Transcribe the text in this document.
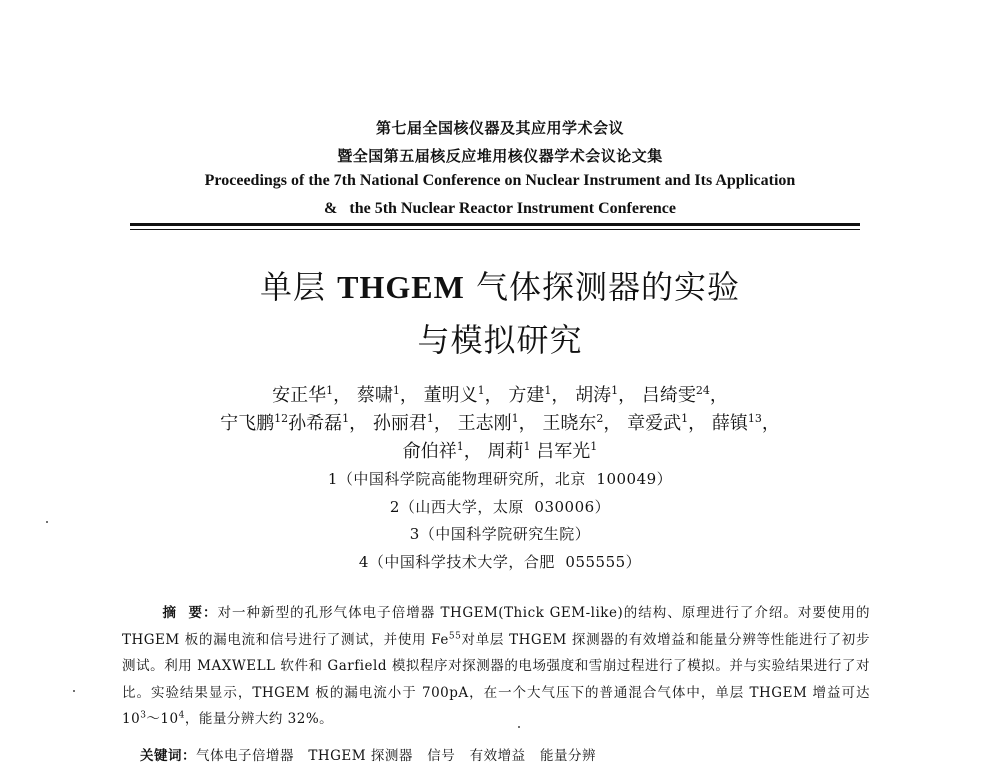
第七届全国核仪器及其应用学术会议
暨全国第五届核反应堆用核仪器学术会议论文集
Proceedings of the 7th National Conference on Nuclear Instrument and Its Application
&   the 5th Nuclear Reactor Instrument Conference
单层 THGEM 气体探测器的实验
与模拟研究
安正华$^1$， 蔡啸$^1$， 董明义$^1$， 方建$^1$， 胡涛$^1$， 吕绮雯$^{24}$，
宁飞鹏$^{12}$孙希磊$^1$， 孙丽君$^1$， 王志刚$^1$， 王晓东$^2$， 章爱武$^1$， 薛镇$^{13}$，
俞伯祥$^1$， 周莉$^1$ 吕军光$^1$
1（中国科学院高能物理研究所，北京  100049）
2（山西大学，太原  030006）
3（中国科学院研究生院）
4（中国科学技术大学，合肥  055555）
摘  要：对一种新型的孔形气体电子倍增器 THGEM(Thick GEM-like)的结构、原理进行了介绍。对要使用的 THGEM 板的漏电流和信号进行了测试，并使用 Fe$^{55}$对单层 THGEM 探测器的有效增益和能量分辨等性能进行了初步测试。利用 MAXWELL 软件和 Garfield 模拟程序对探测器的电场强度和雪崩过程进行了模拟。并与实验结果进行了对比。实验结果显示，THGEM 板的漏电流小于 700pA，在一个大气压下的普通混合气体中，单层 THGEM 增益可达 $10^3\sim 10^4$，能量分辨大约 32%。
关键词：气体电子倍增器   THGEM 探测器   信号   有效增益   能量分辨
